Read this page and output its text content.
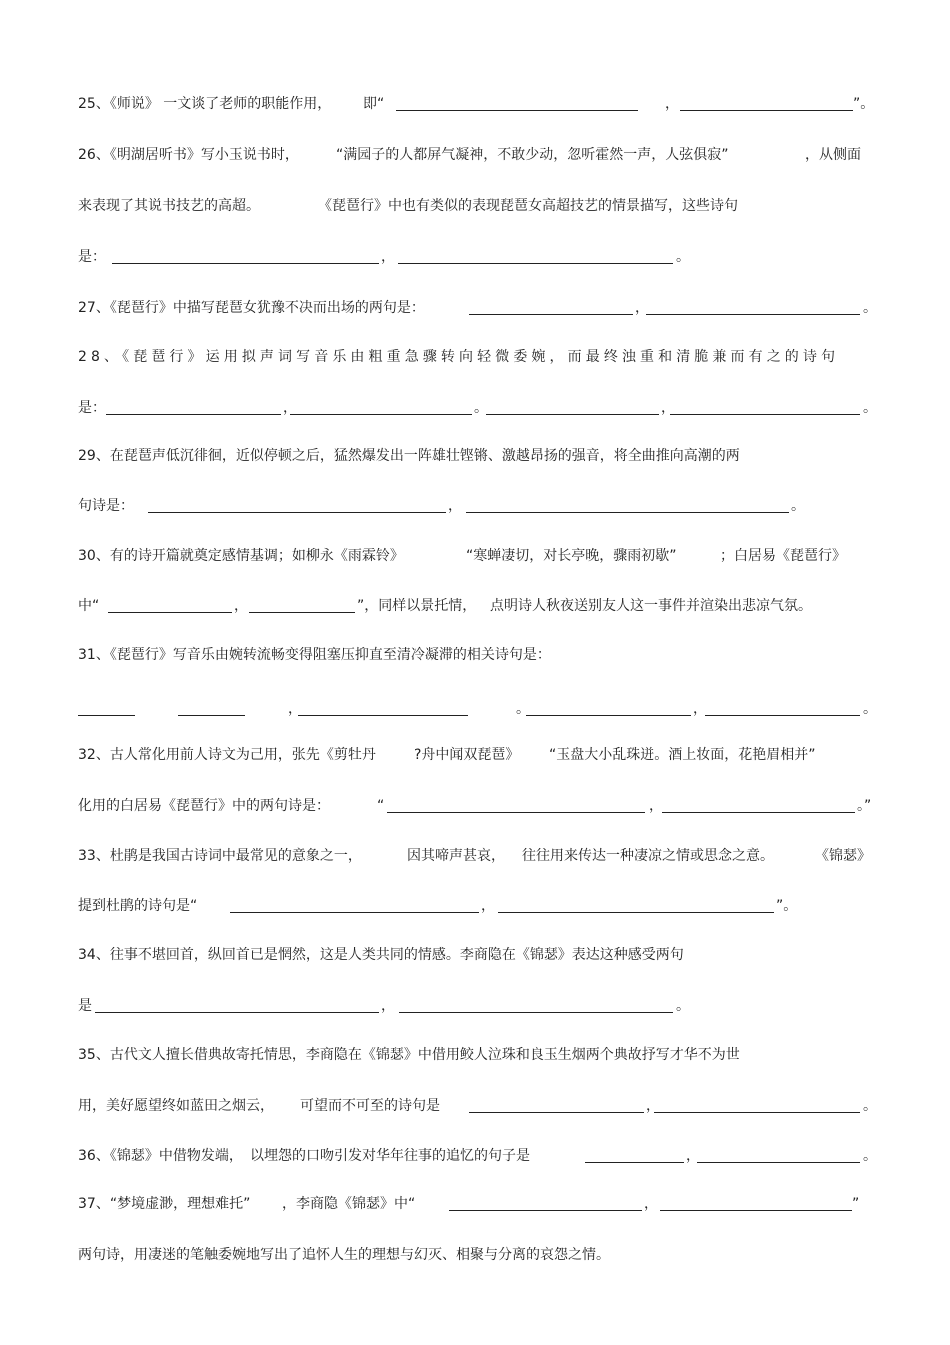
25、《师说》 一文谈了老师的职能作用， 即“	，	”。
26、《明湖居听书》写小玉说书时，	“满园子的人都屏气凝神，不敢少动，忽听霍然一声，人弦俱寂”	，从侧面
来表现了其说书技艺的高超。	《琵琶行》中也有类似的表现琵琶女高超技艺的情景描写，这些诗句
是：	，	。
27、《琵琶行》中描写琵琶女犹豫不决而出场的两句是：	，	。
28、《琵琶行》运用拟声词写音乐由粗重急骤转向轻微委婉，而最终浊重和清脆兼而有之的诗句
是：	，	。	，	。
29、在琵琶声低沉徘徊，近似停顿之后，猛然爆发出一阵雄壮铿锵、激越昂扬的强音，将全曲推向高潮的两
句诗是：	，	。
30、有的诗开篇就奠定感情基调；如柳永《雨霖铃》	“寒蝉凄切，对长亭晚，骤雨初歇”	；白居易《琵琶行》
中“	，	”，同样以景托情， 点明诗人秋夜送别友人这一事件并渲染出悲凉气氛。
31、《琵琶行》写音乐由婉转流畅变得阻塞压抑直至清冷凝滞的相关诗句是：
，	。	，	。
32、古人常化用前人诗文为己用，张先《剪牡丹	?舟中闻双琵琶》 “玉盘大小乱珠迸。酒上妆面，花艳眉相并”
化用的白居易《琵琶行》中的两句诗是：	“	，	。”
33、杜鹃是我国古诗词中最常见的意象之一，	因其啼声甚哀， 往往用来传达一种凄凉之情或思念之意。	《锦瑟》
提到杜鹃的诗句是“	，	”。
34、往事不堪回首，纵回首已是惘然，这是人类共同的情感。李商隐在《锦瑟》表达这种感受两句
是	，	。
35、古代文人擅长借典故寄托情思，李商隐在《锦瑟》中借用鲛人泣珠和良玉生烟两个典故抒写才华不为世
用，美好愿望终如蓝田之烟云， 可望而不可至的诗句是	，	。
36、《锦瑟》中借物发端， 以埋怨的口吻引发对华年往事的追忆的句子是	，	。
37、“梦境虚渺，理想难托” ，李商隐《锦瑟》中“	，	”
两句诗，用凄迷的笔触委婉地写出了追怀人生的理想与幻灭、相聚与分离的哀怨之情。
